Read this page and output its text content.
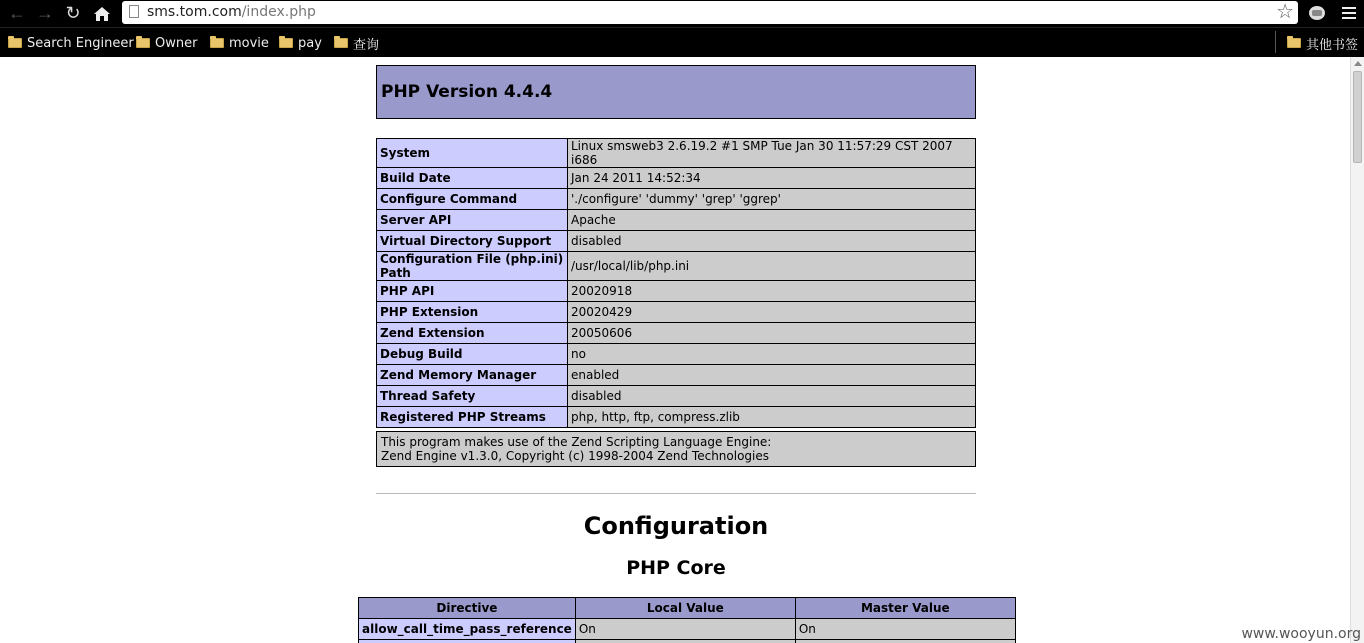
← → ↻	sms.tom.com/index.php	☆
Search Engineer Owner movie pay 查询	其他书签
PHP Version 4.4.4
System	Linux smsweb3 2.6.19.2 #1 SMP Tue Jan 30 11:57:29 CST 2007 i686
Build Date	Jan 24 2011 14:52:34
Configure Command	'./configure' 'dummy' 'grep' 'ggrep'
Server API	Apache
Virtual Directory Support	disabled
Configuration File (php.ini) Path	/usr/local/lib/php.ini
PHP API	20020918
PHP Extension	20020429
Zend Extension	20050606
Debug Build	no
Zend Memory Manager	enabled
Thread Safety	disabled
Registered PHP Streams	php, http, ftp, compress.zlib
This program makes use of the Zend Scripting Language Engine:
Zend Engine v1.3.0, Copyright (c) 1998-2004 Zend Technologies
Configuration
PHP Core
Directive	Local Value	Master Value
allow_call_time_pass_reference	On	On
			www.wooyun.org
